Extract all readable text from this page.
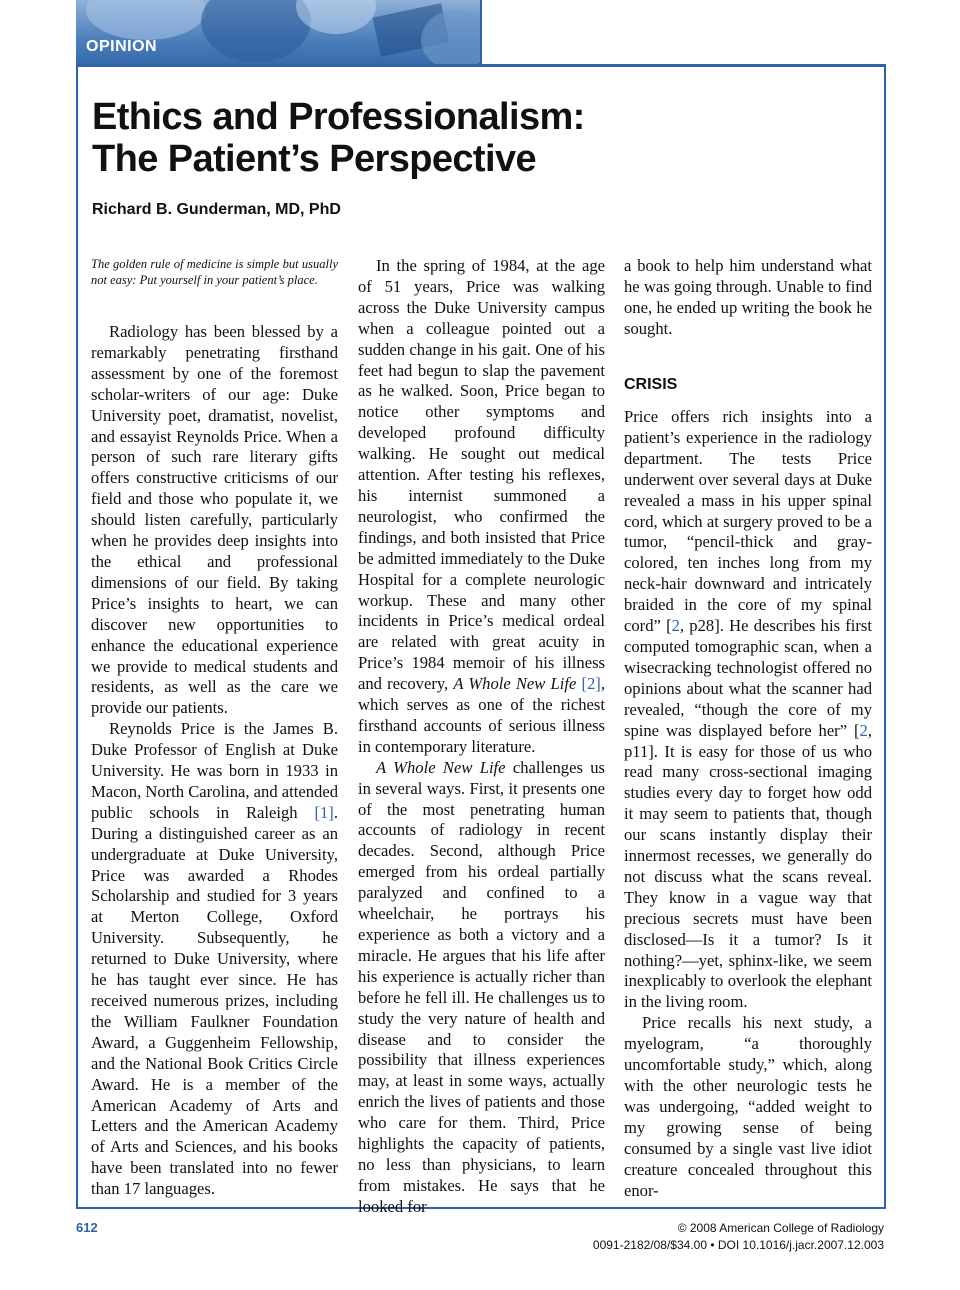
OPINION
Ethics and Professionalism:
The Patient’s Perspective
Richard B. Gunderman, MD, PhD
The golden rule of medicine is simple but usually not easy: Put yourself in your patient’s place.

Radiology has been blessed by a remarkably penetrating firsthand assessment by one of the foremost scholar-writers of our age: Duke University poet, dramatist, novelist, and essayist Reynolds Price. When a person of such rare literary gifts offers constructive criticisms of our field and those who populate it, we should listen carefully, particularly when he provides deep insights into the ethical and professional dimensions of our field. By taking Price’s insights to heart, we can discover new opportunities to enhance the educational experience we provide to medical students and residents, as well as the care we provide our patients.

Reynolds Price is the James B. Duke Professor of English at Duke University. He was born in 1933 in Macon, North Carolina, and attended public schools in Raleigh [1]. During a distinguished career as an undergraduate at Duke University, Price was awarded a Rhodes Scholarship and studied for 3 years at Merton College, Oxford University. Subsequently, he returned to Duke University, where he has taught ever since. He has received numerous prizes, including the William Faulkner Foundation Award, a Guggenheim Fellowship, and the National Book Critics Circle Award. He is a member of the American Academy of Arts and Letters and the American Academy of Arts and Sciences, and his books have been translated into no fewer than 17 languages.

In the spring of 1984, at the age of 51 years, Price was walking across the Duke University campus when a colleague pointed out a sudden change in his gait. One of his feet had begun to slap the pavement as he walked. Soon, Price began to notice other symptoms and developed profound difficulty walking. He sought out medical attention. After testing his reflexes, his internist summoned a neurologist, who confirmed the findings, and both insisted that Price be admitted immediately to the Duke Hospital for a complete neurologic workup. These and many other incidents in Price’s medical ordeal are related with great acuity in Price’s 1984 memoir of his illness and recovery, A Whole New Life [2], which serves as one of the richest firsthand accounts of serious illness in contemporary literature.

A Whole New Life challenges us in several ways. First, it presents one of the most penetrating human accounts of radiology in recent decades. Second, although Price emerged from his ordeal partially paralyzed and confined to a wheelchair, he portrays his experience as both a victory and a miracle. He argues that his life after his experience is actually richer than before he fell ill. He challenges us to study the very nature of health and disease and to consider the possibility that illness experiences may, at least in some ways, actually enrich the lives of patients and those who care for them. Third, Price highlights the capacity of patients, no less than physicians, to learn from mistakes. He says that he looked for

a book to help him understand what he was going through. Unable to find one, he ended up writing the book he sought.

CRISIS

Price offers rich insights into a patient’s experience in the radiology department. The tests Price underwent over several days at Duke revealed a mass in his upper spinal cord, which at surgery proved to be a tumor, “pencil-thick and gray-colored, ten inches long from my neck-hair downward and intricately braided in the core of my spinal cord” [2, p28]. He describes his first computed tomographic scan, when a wisecracking technologist offered no opinions about what the scanner had revealed, “though the core of my spine was displayed before her” [2, p11]. It is easy for those of us who read many cross-sectional imaging studies every day to forget how odd it may seem to patients that, though our scans instantly display their innermost recesses, we generally do not discuss what the scans reveal. They know in a vague way that precious secrets must have been disclosed—Is it a tumor? Is it nothing?—yet, sphinx-like, we seem inexplicably to overlook the elephant in the living room.

Price recalls his next study, a myelogram, “a thoroughly uncomfortable study,” which, along with the other neurologic tests he was undergoing, “added weight to my growing sense of being consumed by a single vast live idiot creature concealed throughout this enor-

612	© 2008 American College of Radiology
0091-2182/08/$34.00 • DOI 10.1016/j.jacr.2007.12.003
